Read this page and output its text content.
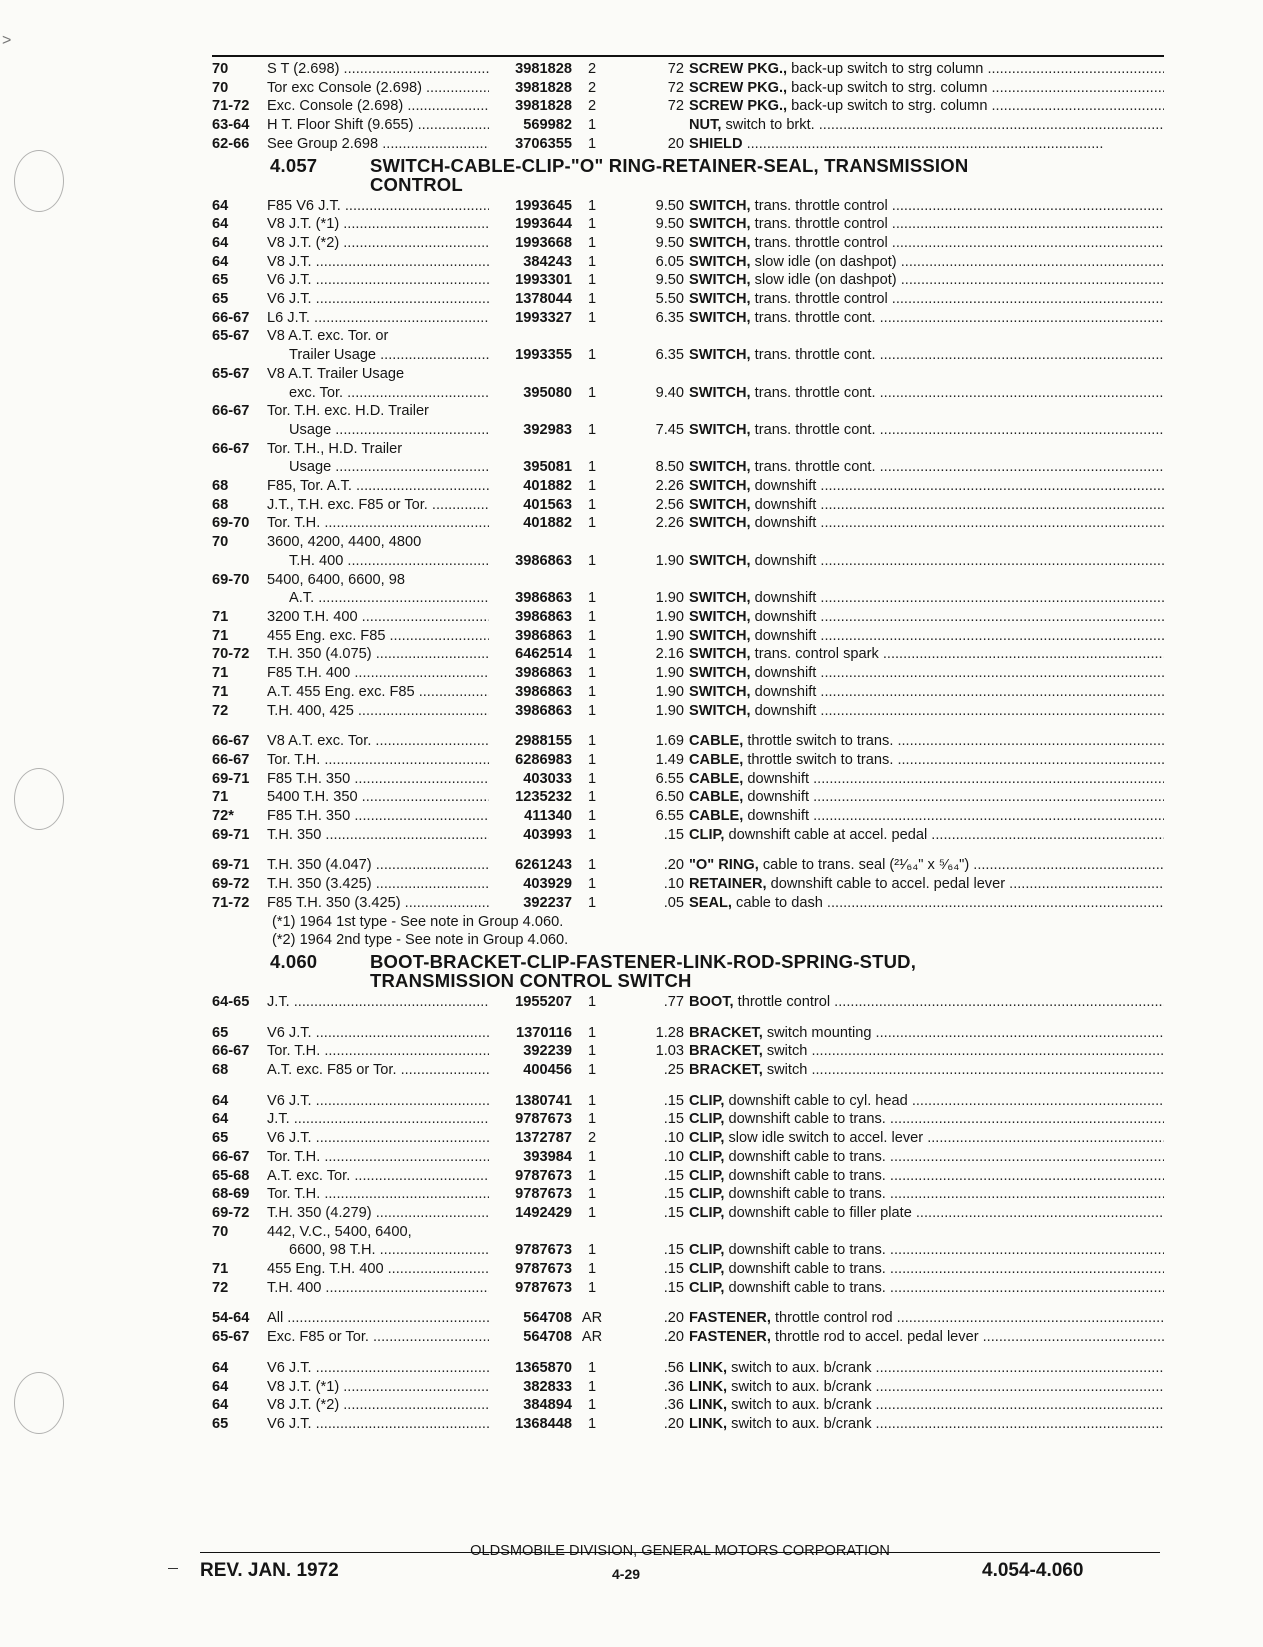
>
70	S T (2.698) .....	3981828	2	72 SCREW PKG., back-up switch to strg column .....
70	Tor exc Console (2.698) .....	3981828	2	72 SCREW PKG., back-up switch to strg. column .....
71-72	Exc. Console (2.698) .....	3981828	2	72 SCREW PKG., back-up switch to strg. column .....
63-64	H T. Floor Shift (9.655) .....	569982	1	NUT, switch to brkt. .....
62-66	See Group 2.698 .....	3706355	1	20 SHIELD .....
4.057	SWITCH-CABLE-CLIP-"O" RING-RETAINER-SEAL, TRANSMISSION
CONTROL
64	F85 V6 J.T. .....	1993645	1	9.50 SWITCH, trans. throttle control .....
64	V8 J.T. (*1) .....	1993644	1	9.50 SWITCH, trans. throttle control .....
64	V8 J.T. (*2) .....	1993668	1	9.50 SWITCH, trans. throttle control .....
64	V8 J.T. .....	384243	1	6.05 SWITCH, slow idle (on dashpot) .....
65	V6 J.T. .....	1993301	1	9.50 SWITCH, slow idle (on dashpot) .....
65	V6 J.T. .....	1378044	1	5.50 SWITCH, trans. throttle control .....
66-67	L6 J.T. .....	1993327	1	6.35 SWITCH, trans. throttle cont. .....
65-67	V8 A.T. exc. Tor. or
Trailer Usage .....	1993355	1	6.35 SWITCH, trans. throttle cont. .....
65-67	V8 A.T. Trailer Usage
exc. Tor. .....	395080	1	9.40 SWITCH, trans. throttle cont. .....
66-67	Tor. T.H. exc. H.D. Trailer
Usage .....	392983	1	7.45 SWITCH, trans. throttle cont. .....
66-67	Tor. T.H., H.D. Trailer
Usage .....	395081	1	8.50 SWITCH, trans. throttle cont. .....
68	F85, Tor. A.T. .....	401882	1	2.26 SWITCH, downshift .....
68	J.T., T.H. exc. F85 or Tor. .....	401563	1	2.56 SWITCH, downshift .....
69-70	Tor. T.H. .....	401882	1	2.26 SWITCH, downshift .....
70	3600, 4200, 4400, 4800
T.H. 400 .....	3986863	1	1.90 SWITCH, downshift .....
69-70	5400, 6400, 6600, 98
A.T. .....	3986863	1	1.90 SWITCH, downshift .....
71	3200 T.H. 400 .....	3986863	1	1.90 SWITCH, downshift .....
71	455 Eng. exc. F85 .....	3986863	1	1.90 SWITCH, downshift .....
70-72	T.H. 350 (4.075) .....	6462514	1	2.16 SWITCH, trans. control spark .....
71	F85 T.H. 400 .....	3986863	1	1.90 SWITCH, downshift .....
71	A.T. 455 Eng. exc. F85 .....	3986863	1	1.90 SWITCH, downshift .....
72	T.H. 400, 425 .....	3986863	1	1.90 SWITCH, downshift .....
66-67	V8 A.T. exc. Tor. .....	2988155	1	1.69 CABLE, throttle switch to trans. .....
66-67	Tor. T.H. .....	6286983	1	1.49 CABLE, throttle switch to trans. .....
69-71	F85 T.H. 350 .....	403033	1	6.55 CABLE, downshift .....
71	5400 T.H. 350 .....	1235232	1	6.50 CABLE, downshift .....
72*	F85 T.H. 350 .....	411340	1	6.55 CABLE, downshift .....
69-71	T.H. 350 .....	403993	1	.15 CLIP, downshift cable at accel. pedal .....
69-71	T.H. 350 (4.047) .....	6261243	1	.20 "O" RING, cable to trans. seal (²¹⁄₆₄" x ⁵⁄₆₄") .....
69-72	T.H. 350 (3.425) .....	403929	1	.10 RETAINER, downshift cable to accel. pedal lever .....
71-72	F85 T.H. 350 (3.425) .....	392237	1	.05 SEAL, cable to dash .....
(*1) 1964 1st type - See note in Group 4.060.
(*2) 1964 2nd type - See note in Group 4.060.
4.060	BOOT-BRACKET-CLIP-FASTENER-LINK-ROD-SPRING-STUD,
TRANSMISSION CONTROL SWITCH
64-65	J.T. .....	1955207	1	.77 BOOT, throttle control .....
65	V6 J.T. .....	1370116	1	1.28 BRACKET, switch mounting .....
66-67	Tor. T.H. .....	392239	1	1.03 BRACKET, switch .....
68	A.T. exc. F85 or Tor. .....	400456	1	.25 BRACKET, switch .....
64	V6 J.T. .....	1380741	1	.15 CLIP, downshift cable to cyl. head .....
64	J.T. .....	9787673	1	.15 CLIP, downshift cable to trans. .....
65	V6 J.T. .....	1372787	2	.10 CLIP, slow idle switch to accel. lever .....
66-67	Tor. T.H. .....	393984	1	.10 CLIP, downshift cable to trans. .....
65-68	A.T. exc. Tor. .....	9787673	1	.15 CLIP, downshift cable to trans. .....
68-69	Tor. T.H. .....	9787673	1	.15 CLIP, downshift cable to trans. .....
69-72	T.H. 350 (4.279) .....	1492429	1	.15 CLIP, downshift cable to filler plate .....
70	442, V.C., 5400, 6400,
6600, 98 T.H. .....	9787673	1	.15 CLIP, downshift cable to trans. .....
71	455 Eng. T.H. 400 .....	9787673	1	.15 CLIP, downshift cable to trans. .....
72	T.H. 400 .....	9787673	1	.15 CLIP, downshift cable to trans. .....
54-64	All .....	564708 AR	.20 FASTENER, throttle control rod .....
65-67	Exc. F85 or Tor. .....	564708 AR	.20 FASTENER, throttle rod to accel. pedal lever .....
64	V6 J.T. .....	1365870	1	.56 LINK, switch to aux. b/crank .....
64	V8 J.T. (*1) .....	382833	1	.36 LINK, switch to aux. b/crank .....
64	V8 J.T. (*2) .....	384894	1	.36 LINK, switch to aux. b/crank .....
65	V6 J.T. .....	1368448	1	.20 LINK, switch to aux. b/crank .....
OLDSMOBILE DIVISION, GENERAL MOTORS CORPORATION
REV. JAN. 1972	4-29	4.054-4.060
